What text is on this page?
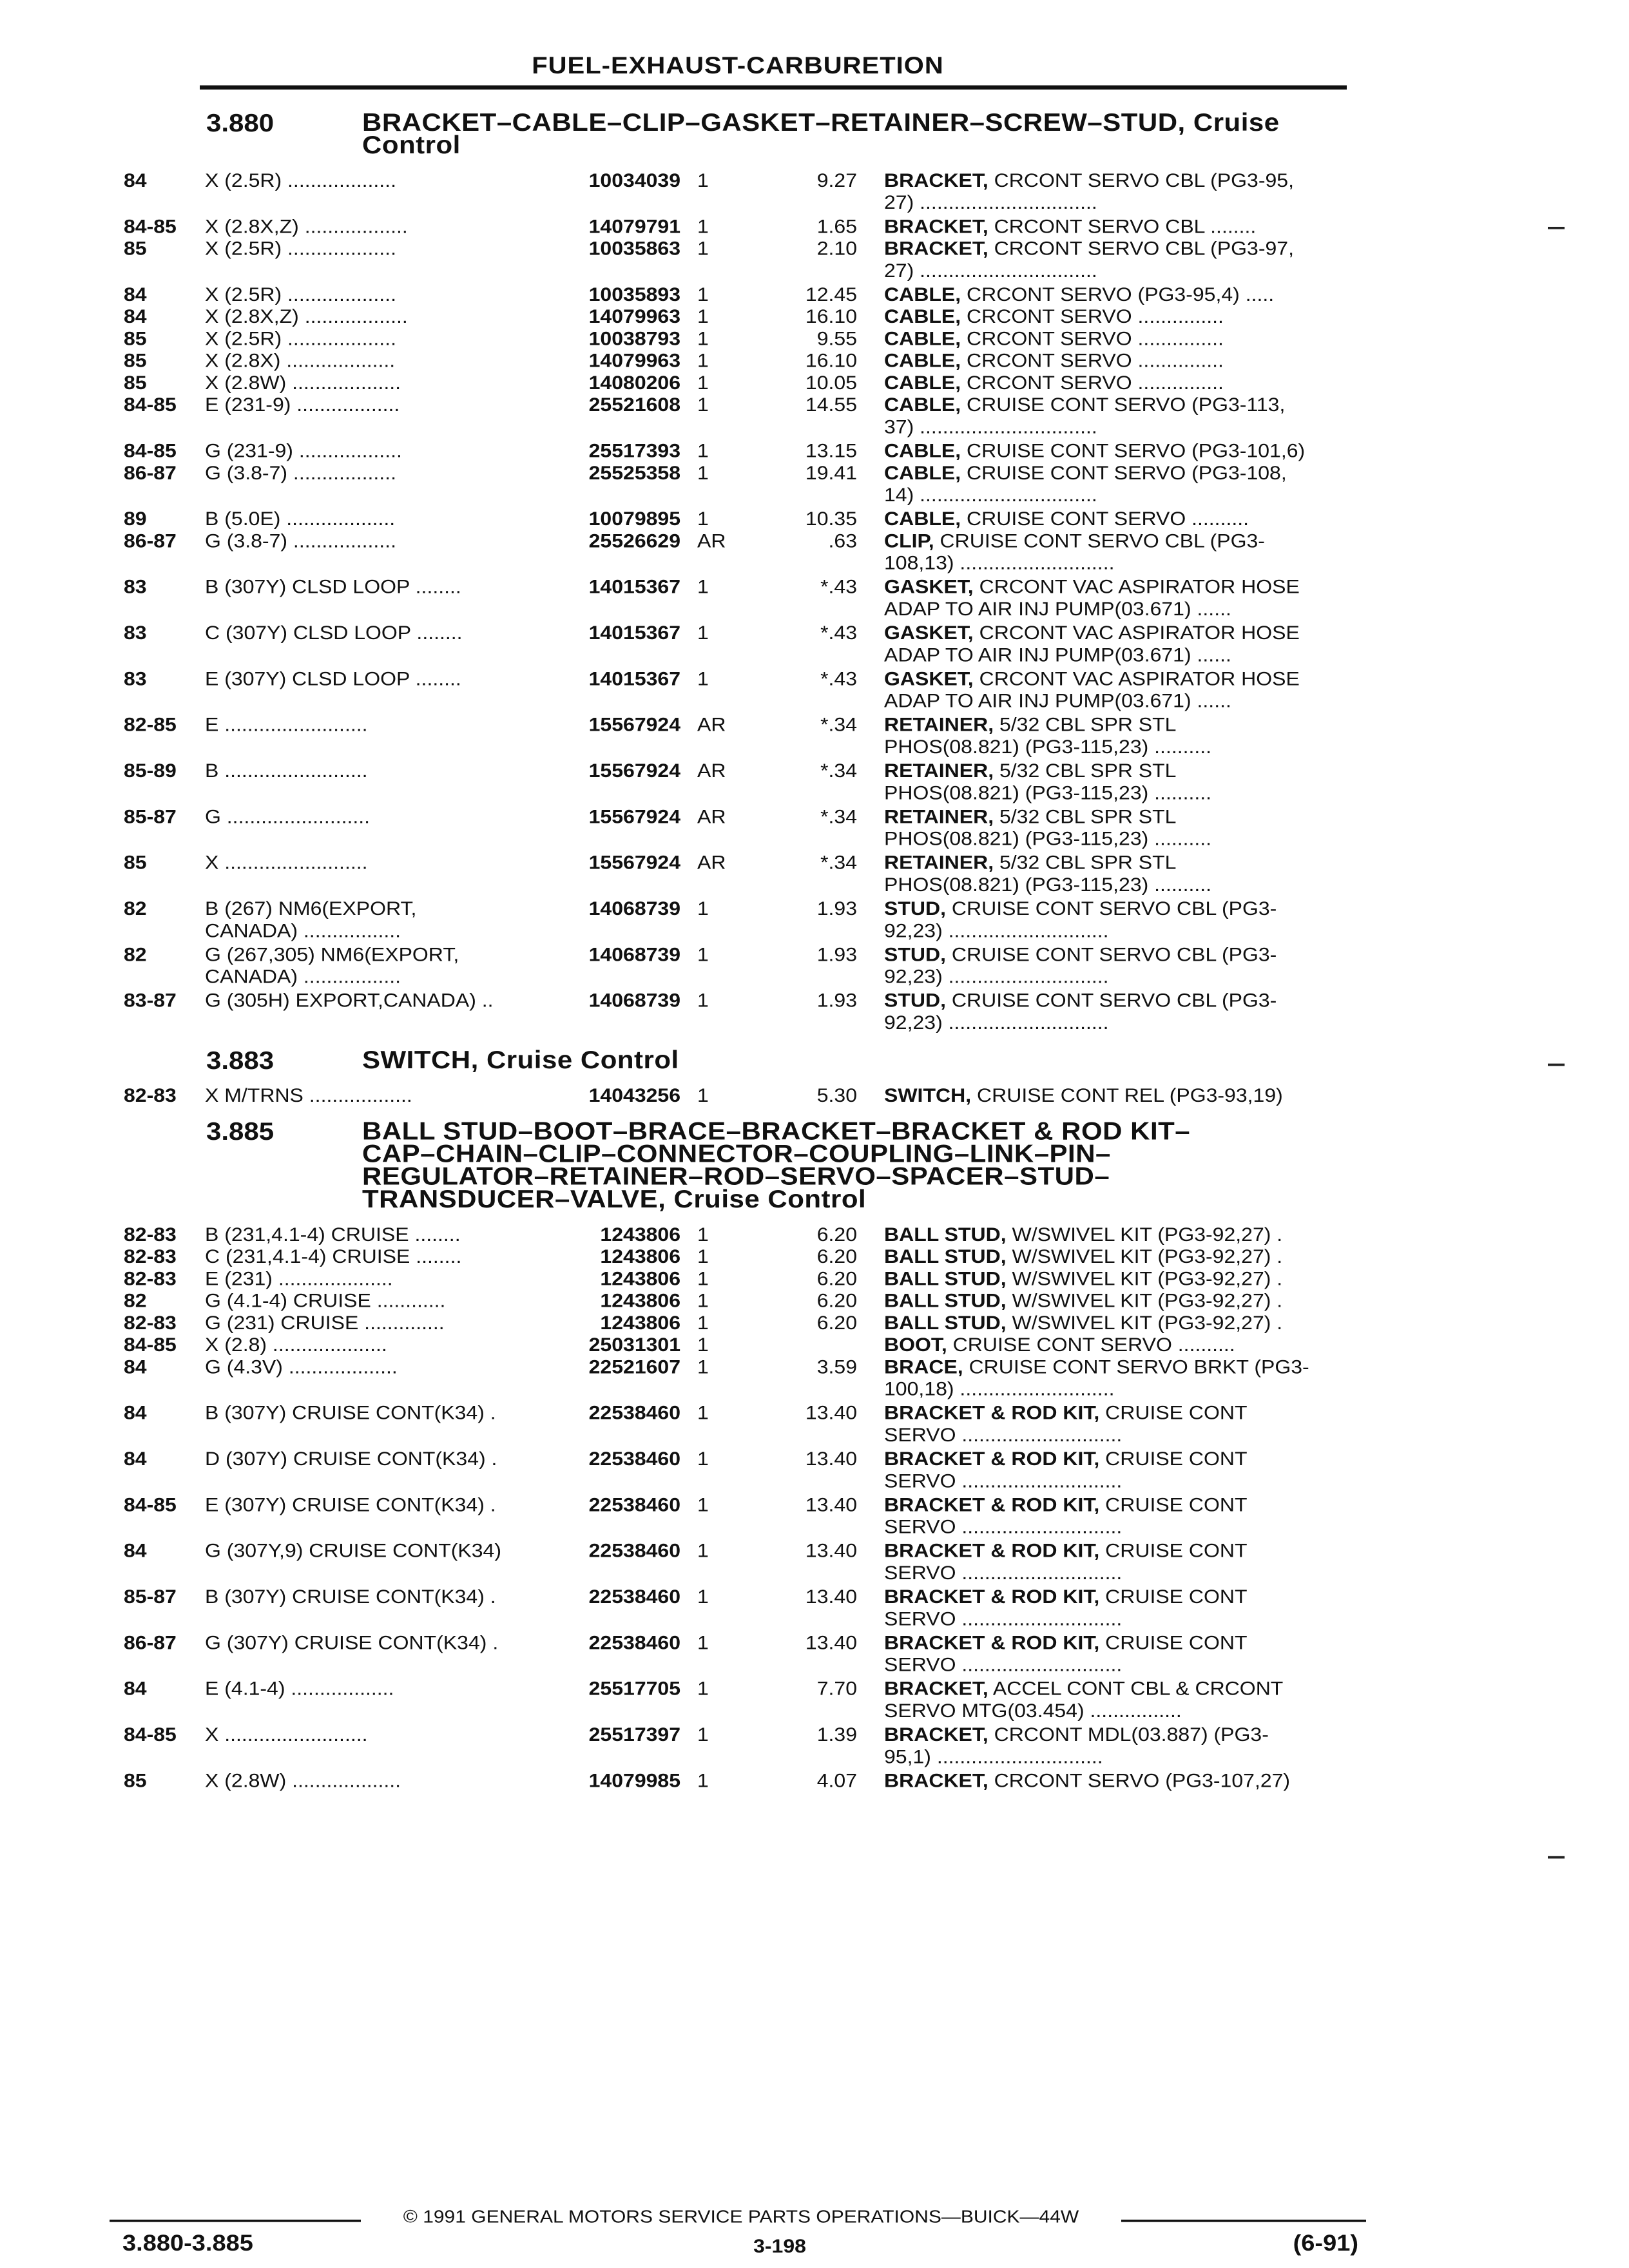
FUEL-EXHAUST-CARBURETION
3.880	BRACKET–CABLE–CLIP–GASKET–RETAINER–SCREW–STUD, Cruise
Control
84	X (2.5R) ...................	10034039 1	9.27 BRACKET, CRCONT SERVO CBL (PG3-95,
27) ...............................
84-85 X (2.8X,Z) ..................	14079791 1	1.65 BRACKET, CRCONT SERVO CBL ........
85	X (2.5R) ...................	10035863 1	2.10 BRACKET, CRCONT SERVO CBL (PG3-97,
27) ...............................
84	X (2.5R) ...................	10035893 1	12.45 CABLE, CRCONT SERVO (PG3-95,4) .....
84	X (2.8X,Z) ..................	14079963 1	16.10 CABLE, CRCONT SERVO ...............
85	X (2.5R) ...................	10038793 1	9.55 CABLE, CRCONT SERVO ...............
85	X (2.8X) ...................	14079963 1	16.10 CABLE, CRCONT SERVO ...............
85	X (2.8W) ...................	14080206 1	10.05 CABLE, CRCONT SERVO ...............
84-85 E (231-9) ..................	25521608 1	14.55 CABLE, CRUISE CONT SERVO (PG3-113,
37) ...............................
84-85 G (231-9) ..................	25517393 1	13.15 CABLE, CRUISE CONT SERVO (PG3-101,6)
86-87 G (3.8-7) ..................	25525358 1	19.41 CABLE, CRUISE CONT SERVO (PG3-108,
14) ...............................
89	B (5.0E) ...................	10079895 1	10.35 CABLE, CRUISE CONT SERVO ..........
86-87 G (3.8-7) ..................	25526629 AR	.63 CLIP, CRUISE CONT SERVO CBL (PG3-
108,13) ...........................
83	B (307Y) CLSD LOOP ........	14015367 1	*.43 GASKET, CRCONT VAC ASPIRATOR HOSE
ADAP TO AIR INJ PUMP(03.671) ......
83	C (307Y) CLSD LOOP ........	14015367 1	*.43 GASKET, CRCONT VAC ASPIRATOR HOSE
ADAP TO AIR INJ PUMP(03.671) ......
83	E (307Y) CLSD LOOP ........	14015367 1	*.43 GASKET, CRCONT VAC ASPIRATOR HOSE
ADAP TO AIR INJ PUMP(03.671) ......
82-85 E .........................	15567924 AR	*.34 RETAINER, 5/32 CBL SPR STL
PHOS(08.821) (PG3-115,23) ..........
85-89 B .........................	15567924 AR	*.34 RETAINER, 5/32 CBL SPR STL
PHOS(08.821) (PG3-115,23) ..........
85-87 G .........................	15567924 AR	*.34 RETAINER, 5/32 CBL SPR STL
PHOS(08.821) (PG3-115,23) ..........
85	X .........................	15567924 AR	*.34 RETAINER, 5/32 CBL SPR STL
PHOS(08.821) (PG3-115,23) ..........
82	B (267) NM6(EXPORT,
CANADA) .................
14068739 1	1.93 STUD, CRUISE CONT SERVO CBL (PG3-
92,23) ............................
82	G (267,305) NM6(EXPORT,
CANADA) .................
14068739 1	1.93 STUD, CRUISE CONT SERVO CBL (PG3-
92,23) ............................
83-87 G (305H) EXPORT,CANADA) ..	14068739 1	1.93 STUD, CRUISE CONT SERVO CBL (PG3-
92,23) ............................
3.883	SWITCH, Cruise Control
82-83 X M/TRNS ..................	14043256 1	5.30 SWITCH, CRUISE CONT REL (PG3-93,19)
3.885	BALL STUD–BOOT–BRACE–BRACKET–BRACKET & ROD KIT–
CAP–CHAIN–CLIP–CONNECTOR–COUPLING–LINK–PIN–
REGULATOR–RETAINER–ROD–SERVO–SPACER–STUD–
TRANSDUCER–VALVE, Cruise Control
82-83 B (231,4.1-4) CRUISE ........	1243806 1	6.20 BALL STUD, W/SWIVEL KIT (PG3-92,27) .
82-83 C (231,4.1-4) CRUISE ........	1243806 1	6.20 BALL STUD, W/SWIVEL KIT (PG3-92,27) .
82-83 E (231) ....................	1243806 1	6.20 BALL STUD, W/SWIVEL KIT (PG3-92,27) .
82	G (4.1-4) CRUISE ............	1243806 1	6.20 BALL STUD, W/SWIVEL KIT (PG3-92,27) .
82-83 G (231) CRUISE ..............	1243806 1	6.20 BALL STUD, W/SWIVEL KIT (PG3-92,27) .
84-85 X (2.8) ....................	25031301 1	BOOT, CRUISE CONT SERVO ..........
84	G (4.3V) ...................	22521607 1	3.59 BRACE, CRUISE CONT SERVO BRKT (PG3-
100,18) ...........................
84	B (307Y) CRUISE CONT(K34) .	22538460 1	13.40 BRACKET & ROD KIT, CRUISE CONT
SERVO ............................
84	D (307Y) CRUISE CONT(K34) .	22538460 1	13.40 BRACKET & ROD KIT, CRUISE CONT
SERVO ............................
84-85 E (307Y) CRUISE CONT(K34) .	22538460 1	13.40 BRACKET & ROD KIT, CRUISE CONT
SERVO ............................
84	G (307Y,9) CRUISE CONT(K34)	22538460 1	13.40 BRACKET & ROD KIT, CRUISE CONT
SERVO ............................
85-87 B (307Y) CRUISE CONT(K34) .	22538460 1	13.40 BRACKET & ROD KIT, CRUISE CONT
SERVO ............................
86-87 G (307Y) CRUISE CONT(K34) .	22538460 1	13.40 BRACKET & ROD KIT, CRUISE CONT
SERVO ............................
84	E (4.1-4) ..................	25517705 1	7.70 BRACKET, ACCEL CONT CBL & CRCONT
SERVO MTG(03.454) ................
84-85 X .........................	25517397 1	1.39 BRACKET, CRCONT MDL(03.887) (PG3-
95,1) .............................
85	X (2.8W) ...................	14079985 1	4.07 BRACKET, CRCONT SERVO (PG3-107,27)
© 1991 GENERAL MOTORS SERVICE PARTS OPERATIONS—BUICK—44W
3.880-3.885	3-198	(6-91)
